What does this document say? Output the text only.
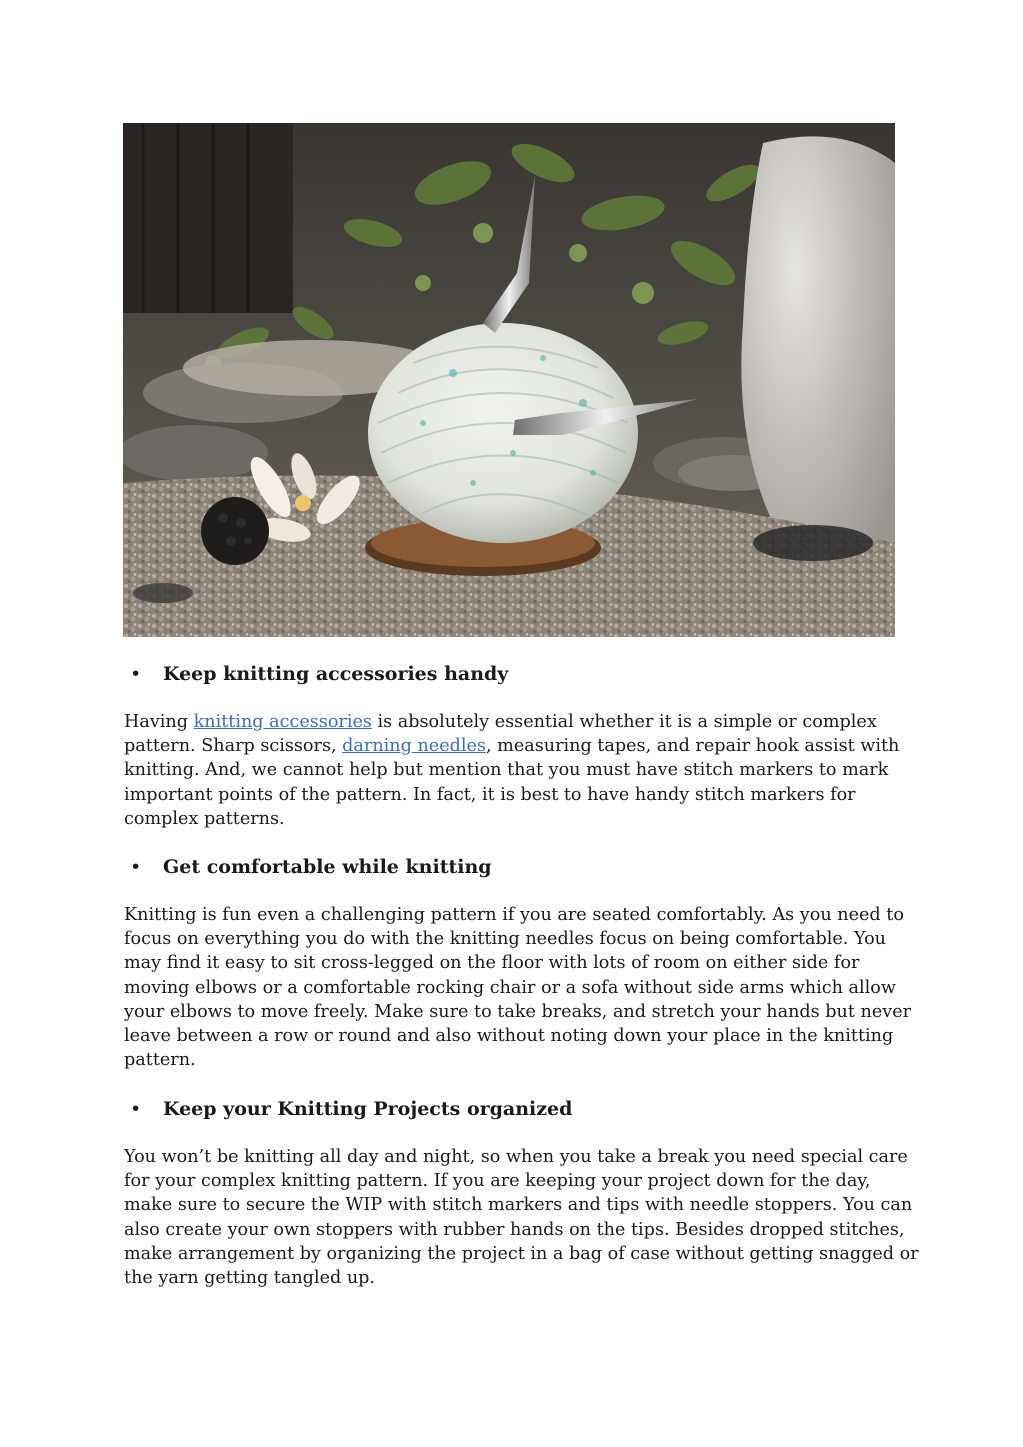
• Keep knitting accessories handy
Having knitting accessories is absolutely essential whether it is a simple or complex
pattern. Sharp scissors, darning needles, measuring tapes, and repair hook assist with
knitting. And, we cannot help but mention that you must have stitch markers to mark
important points of the pattern. In fact, it is best to have handy stitch markers for
complex patterns.
• Get comfortable while knitting
Knitting is fun even a challenging pattern if you are seated comfortably. As you need to
focus on everything you do with the knitting needles focus on being comfortable. You
may find it easy to sit cross-legged on the floor with lots of room on either side for
moving elbows or a comfortable rocking chair or a sofa without side arms which allow
your elbows to move freely. Make sure to take breaks, and stretch your hands but never
leave between a row or round and also without noting down your place in the knitting
pattern.
• Keep your Knitting Projects organized
You won’t be knitting all day and night, so when you take a break you need special care
for your complex knitting pattern. If you are keeping your project down for the day,
make sure to secure the WIP with stitch markers and tips with needle stoppers. You can
also create your own stoppers with rubber hands on the tips. Besides dropped stitches,
make arrangement by organizing the project in a bag of case without getting snagged or
the yarn getting tangled up.
